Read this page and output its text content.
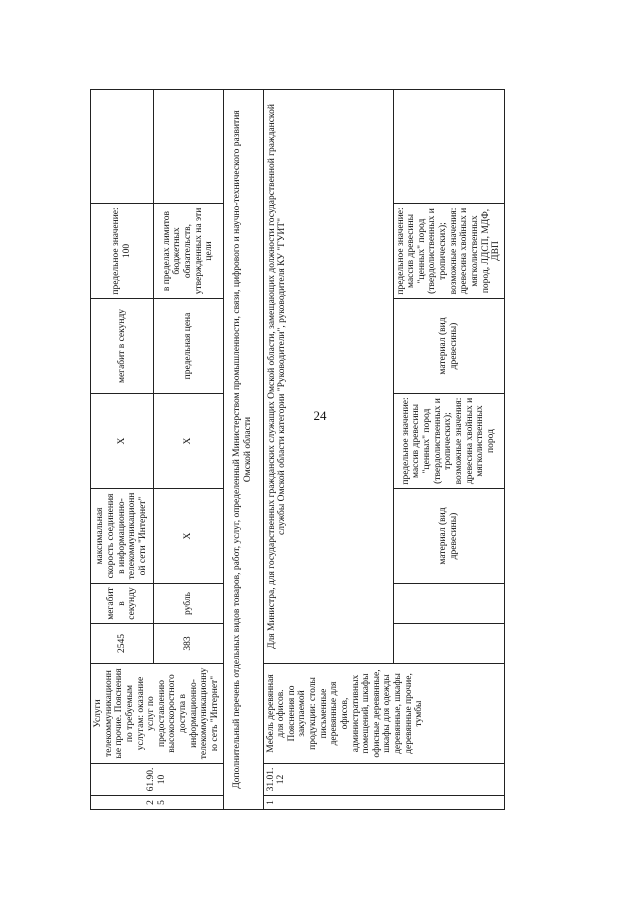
24
25	61.90.10	Услуги телекоммуникационные прочие. Пояснения по требуемым услугам: оказание услуг по предоставлению высокоскоростного доступа в информационно-телекоммуникационную сеть "Интернет"	2545	мегабит в секунду	максимальная скорость соединения в информационно-телекоммуникационной сети "Интернет"	X	мегабит в секунду	предельное значение: 100	
			383	рубль	X	X	предельная цена	в пределах лимитов бюджетных обязательств, утвержденных на эти цели	
Дополнительный перечень отдельных видов товаров, работ, услуг, определенный Министерством промышленности, связи, цифрового и научно-технического развития Омской области									
1	31.01.12	Мебель деревянная для офисов. Пояснения по закупаемой продукции: столы письменные деревянные для офисов, административных помещений, шкафы офисные деревянные, шкафы для одежды деревянные, шкафы деревянные прочие, тумбы	Для Министра, для государственных гражданских служащих Омской области, замещающих должности государственной гражданской службы Омской области категории "Руководители", руководителя КУ "ГУИТ"						
					материал (вид древесины)	предельное значение: массив древесины "ценных" пород (твердолиственных и тропических); возможные значения: древесина хвойных и мягколиственных пород	материал (вид древесины)	предельное значение: массив древесины "ценных" пород (твердолиственных и тропических); возможные значения: древесина хвойных и мягколиственных пород, ЛДСП, МДФ, ДВП	
